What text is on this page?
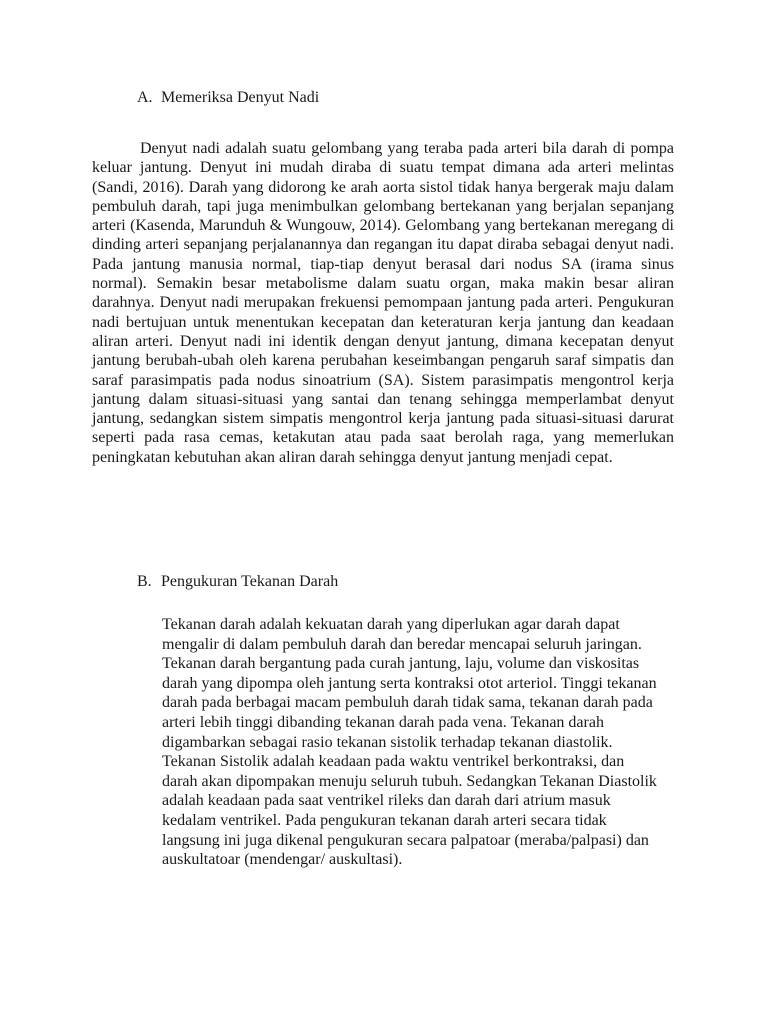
A. Memeriksa Denyut Nadi

Denyut nadi adalah suatu gelombang yang teraba pada arteri bila darah di pompa keluar jantung. Denyut ini mudah diraba di suatu tempat dimana ada arteri melintas (Sandi, 2016). Darah yang didorong ke arah aorta sistol tidak hanya bergerak maju dalam pembuluh darah, tapi juga menimbulkan gelombang bertekanan yang berjalan sepanjang arteri (Kasenda, Marunduh & Wungouw, 2014). Gelombang yang bertekanan meregang di dinding arteri sepanjang perjalanannya dan regangan itu dapat diraba sebagai denyut nadi. Pada jantung manusia normal, tiap-tiap denyut berasal dari nodus SA (irama sinus normal). Semakin besar metabolisme dalam suatu organ, maka makin besar aliran darahnya. Denyut nadi merupakan frekuensi pemompaan jantung pada arteri. Pengukuran nadi bertujuan untuk menentukan kecepatan dan keteraturan kerja jantung dan keadaan aliran arteri. Denyut nadi ini identik dengan denyut jantung, dimana kecepatan denyut jantung berubah-ubah oleh karena perubahan keseimbangan pengaruh saraf simpatis dan saraf parasimpatis pada nodus sinoatrium (SA). Sistem parasimpatis mengontrol kerja jantung dalam situasi-situasi yang santai dan tenang sehingga memperlambat denyut jantung, sedangkan sistem simpatis mengontrol kerja jantung pada situasi-situasi darurat seperti pada rasa cemas, ketakutan atau pada saat berolah raga, yang memerlukan peningkatan kebutuhan akan aliran darah sehingga denyut jantung menjadi cepat.

B. Pengukuran Tekanan Darah

Tekanan darah adalah kekuatan darah yang diperlukan agar darah dapat mengalir di dalam pembuluh darah dan beredar mencapai seluruh jaringan. Tekanan darah bergantung pada curah jantung, laju, volume dan viskositas darah yang dipompa oleh jantung serta kontraksi otot arteriol. Tinggi tekanan darah pada berbagai macam pembuluh darah tidak sama, tekanan darah pada arteri lebih tinggi dibanding tekanan darah pada vena. Tekanan darah digambarkan sebagai rasio tekanan sistolik terhadap tekanan diastolik. Tekanan Sistolik adalah keadaan pada waktu ventrikel berkontraksi, dan darah akan dipompakan menuju seluruh tubuh. Sedangkan Tekanan Diastolik adalah keadaan pada saat ventrikel rileks dan darah dari atrium masuk kedalam ventrikel. Pada pengukuran tekanan darah arteri secara tidak langsung ini juga dikenal pengukuran secara palpatoar (meraba/palpasi) dan auskultatoar (mendengar/ auskultasi).
